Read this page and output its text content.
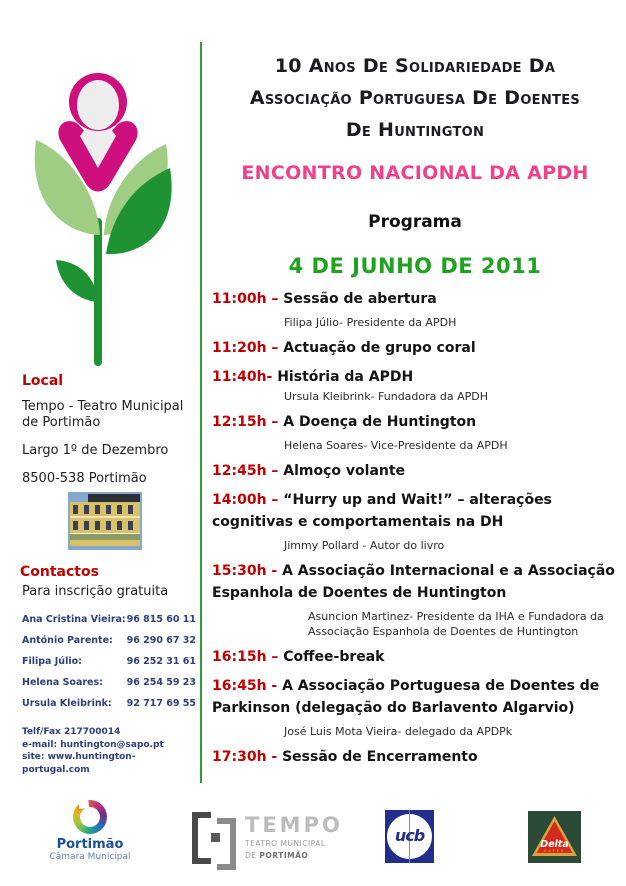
10 Anos De Solidariedade Da

Associação Portuguesa De Doentes

De Huntington

ENCONTRO NACIONAL DA APDH

Programa

4 DE JUNHO DE 2011

11:00h – Sessão de abertura

Filipa Júlio- Presidente da APDH

11:20h – Actuação de grupo coral

11:40h- História da APDH

Ursula Kleibrink- Fundadora da APDH

12:15h – A Doença de Huntington

Helena Soares- Vice-Presidente da APDH

12:45h – Almoço volante

14:00h – “Hurry up and Wait!” – alterações cognitivas e comportamentais na DH

Jimmy Pollard - Autor do livro

15:30h - A Associação Internacional e a Associação Espanhola de Doentes de Huntington

Asuncion Martinez- Presidente da IHA e Fundadora da

Associação Espanhola de Doentes de Huntington

16:15h – Coffee-break

16:45h - A Associação Portuguesa de Doentes de Parkinson (delegação do Barlavento Algarvio)

José Luis Mota Vieira- delegado da APDPk

17:30h - Sessão de Encerramento

Local

Tempo - Teatro Municipal de Portimão

Largo 1º de Dezembro

8500-538 Portimão

Contactos

Para inscrição gratuita

Ana Cristina Vieira: 96 815 60 11
António Parente: 96 290 67 32
Filipa Júlio:	96 252 31 61
Helena Soares: 96 254 59 23
Ursula Kleibrink: 92 717 69 55
Telf/Fax 217700014
e-mail: huntington@sapo.pt
site: www.huntington-portugal.com
Portimão
Câmara Municipal
TEMPO
TEATRO MUNICIPAL
DE PORTIMÃO
ucb	Delta
CAFÉS
